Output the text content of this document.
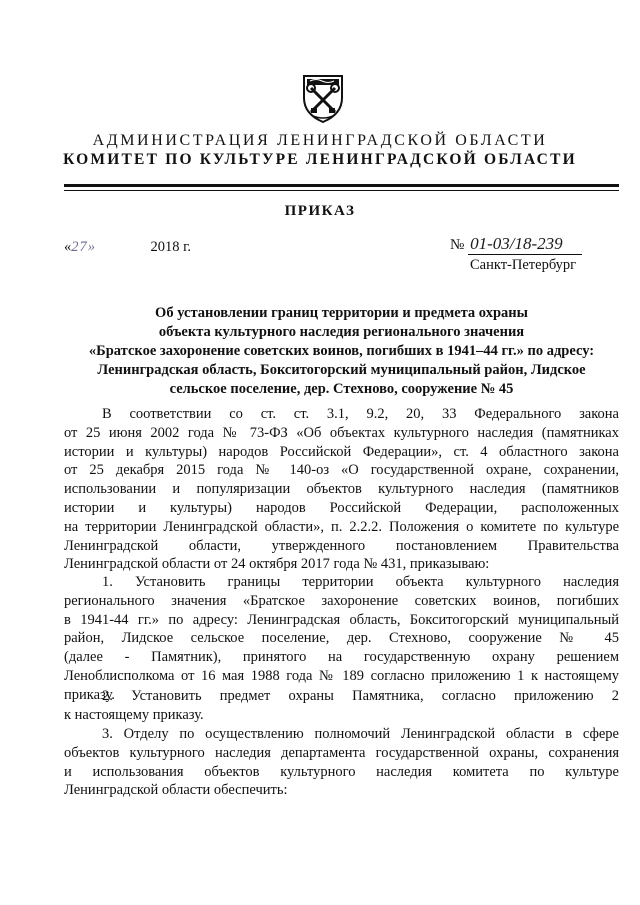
АДМИНИСТРАЦИЯ ЛЕНИНГРАДСКОЙ ОБЛАСТИ
КОМИТЕТ ПО КУЛЬТУРЕ ЛЕНИНГРАДСКОЙ ОБЛАСТИ
ПРИКАЗ
«27»	2018 г.	№ 01-03/18-239
Санкт-Петербург
Об установлении границ территории и предмета охраны
объекта культурного наследия регионального значения
«Братское захоронение советских воинов, погибших в 1941–44 гг.» по адресу:
Ленинградская область, Бокситогорский муниципальный район, Лидское
сельское поселение, дер. Стехново, сооружение № 45
В соответствии со ст. ст. 3.1, 9.2, 20, 33 Федерального закона
от 25 июня 2002 года № 73-ФЗ «Об объектах культурного наследия (памятниках
истории и культуры) народов Российской Федерации», ст. 4 областного закона
от 25 декабря 2015 года № 140-оз «О государственной охране, сохранении,
использовании и популяризации объектов культурного наследия (памятников
истории и культуры) народов Российской Федерации, расположенных
на территории Ленинградской области», п. 2.2.2. Положения о комитете по культуре
Ленинградской области, утвержденного постановлением Правительства
Ленинградской области от 24 октября 2017 года № 431, приказываю:
1. Установить границы территории объекта культурного наследия
регионального значения «Братское захоронение советских воинов, погибших
в 1941-44 гг.» по адресу: Ленинградская область, Бокситогорский муниципальный
район, Лидское сельское поселение, дер. Стехново, сооружение № 45
(далее - Памятник), принятого на государственную охрану решением
Леноблисполкома от 16 мая 1988 года № 189 согласно приложению 1 к настоящему
приказу.
2. Установить предмет охраны Памятника, согласно приложению 2
к настоящему приказу.
3. Отделу по осуществлению полномочий Ленинградской области в сфере
объектов культурного наследия департамента государственной охраны, сохранения
и использования объектов культурного наследия комитета по культуре
Ленинградской области обеспечить:
